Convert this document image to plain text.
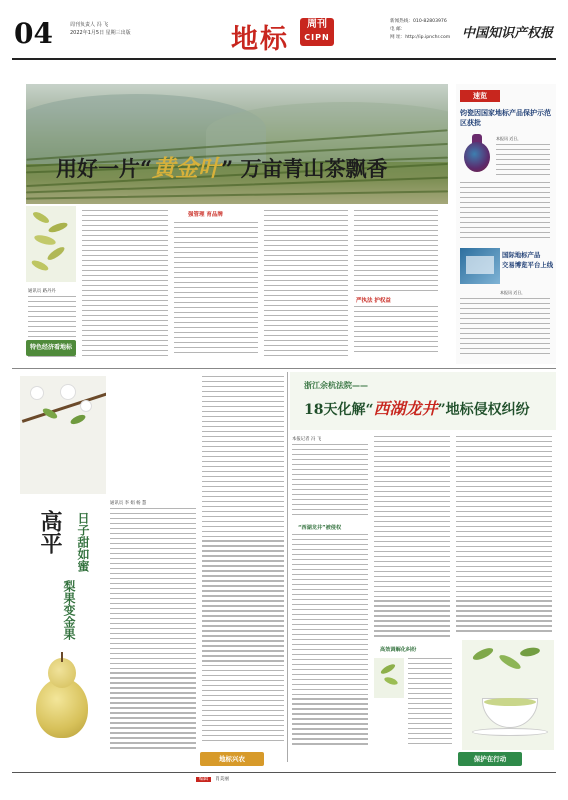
04	周刊负责人 冯 飞
2022年1月5日 星期三出版	地标	周刊
CIPN
新闻热线：010-82803976
电 邮：
网 址：http://ip.ipnchr.com 中国知识产权报
用好一片“黄金叶” 万亩青山茶飘香
通讯员 路丹丹
强管理 育品牌
严执法 护权益
特色经济看地标
速览
钧瓷因国家地标产品保护示范区获批
本报讯 近日，
国际地标产品
交易博览平台上线
本报讯 近日，
通讯员 李 娟 杨 慧
高平 日子甜如蜜
梨果变金果
地标兴农
浙江余杭法院——
18天化解“西湖龙井”地标侵权纠纷
本报记者 冯 飞
“西湖龙井”被侵权
高效调解化纠纷
保护在行动
编辑 肖美丽
